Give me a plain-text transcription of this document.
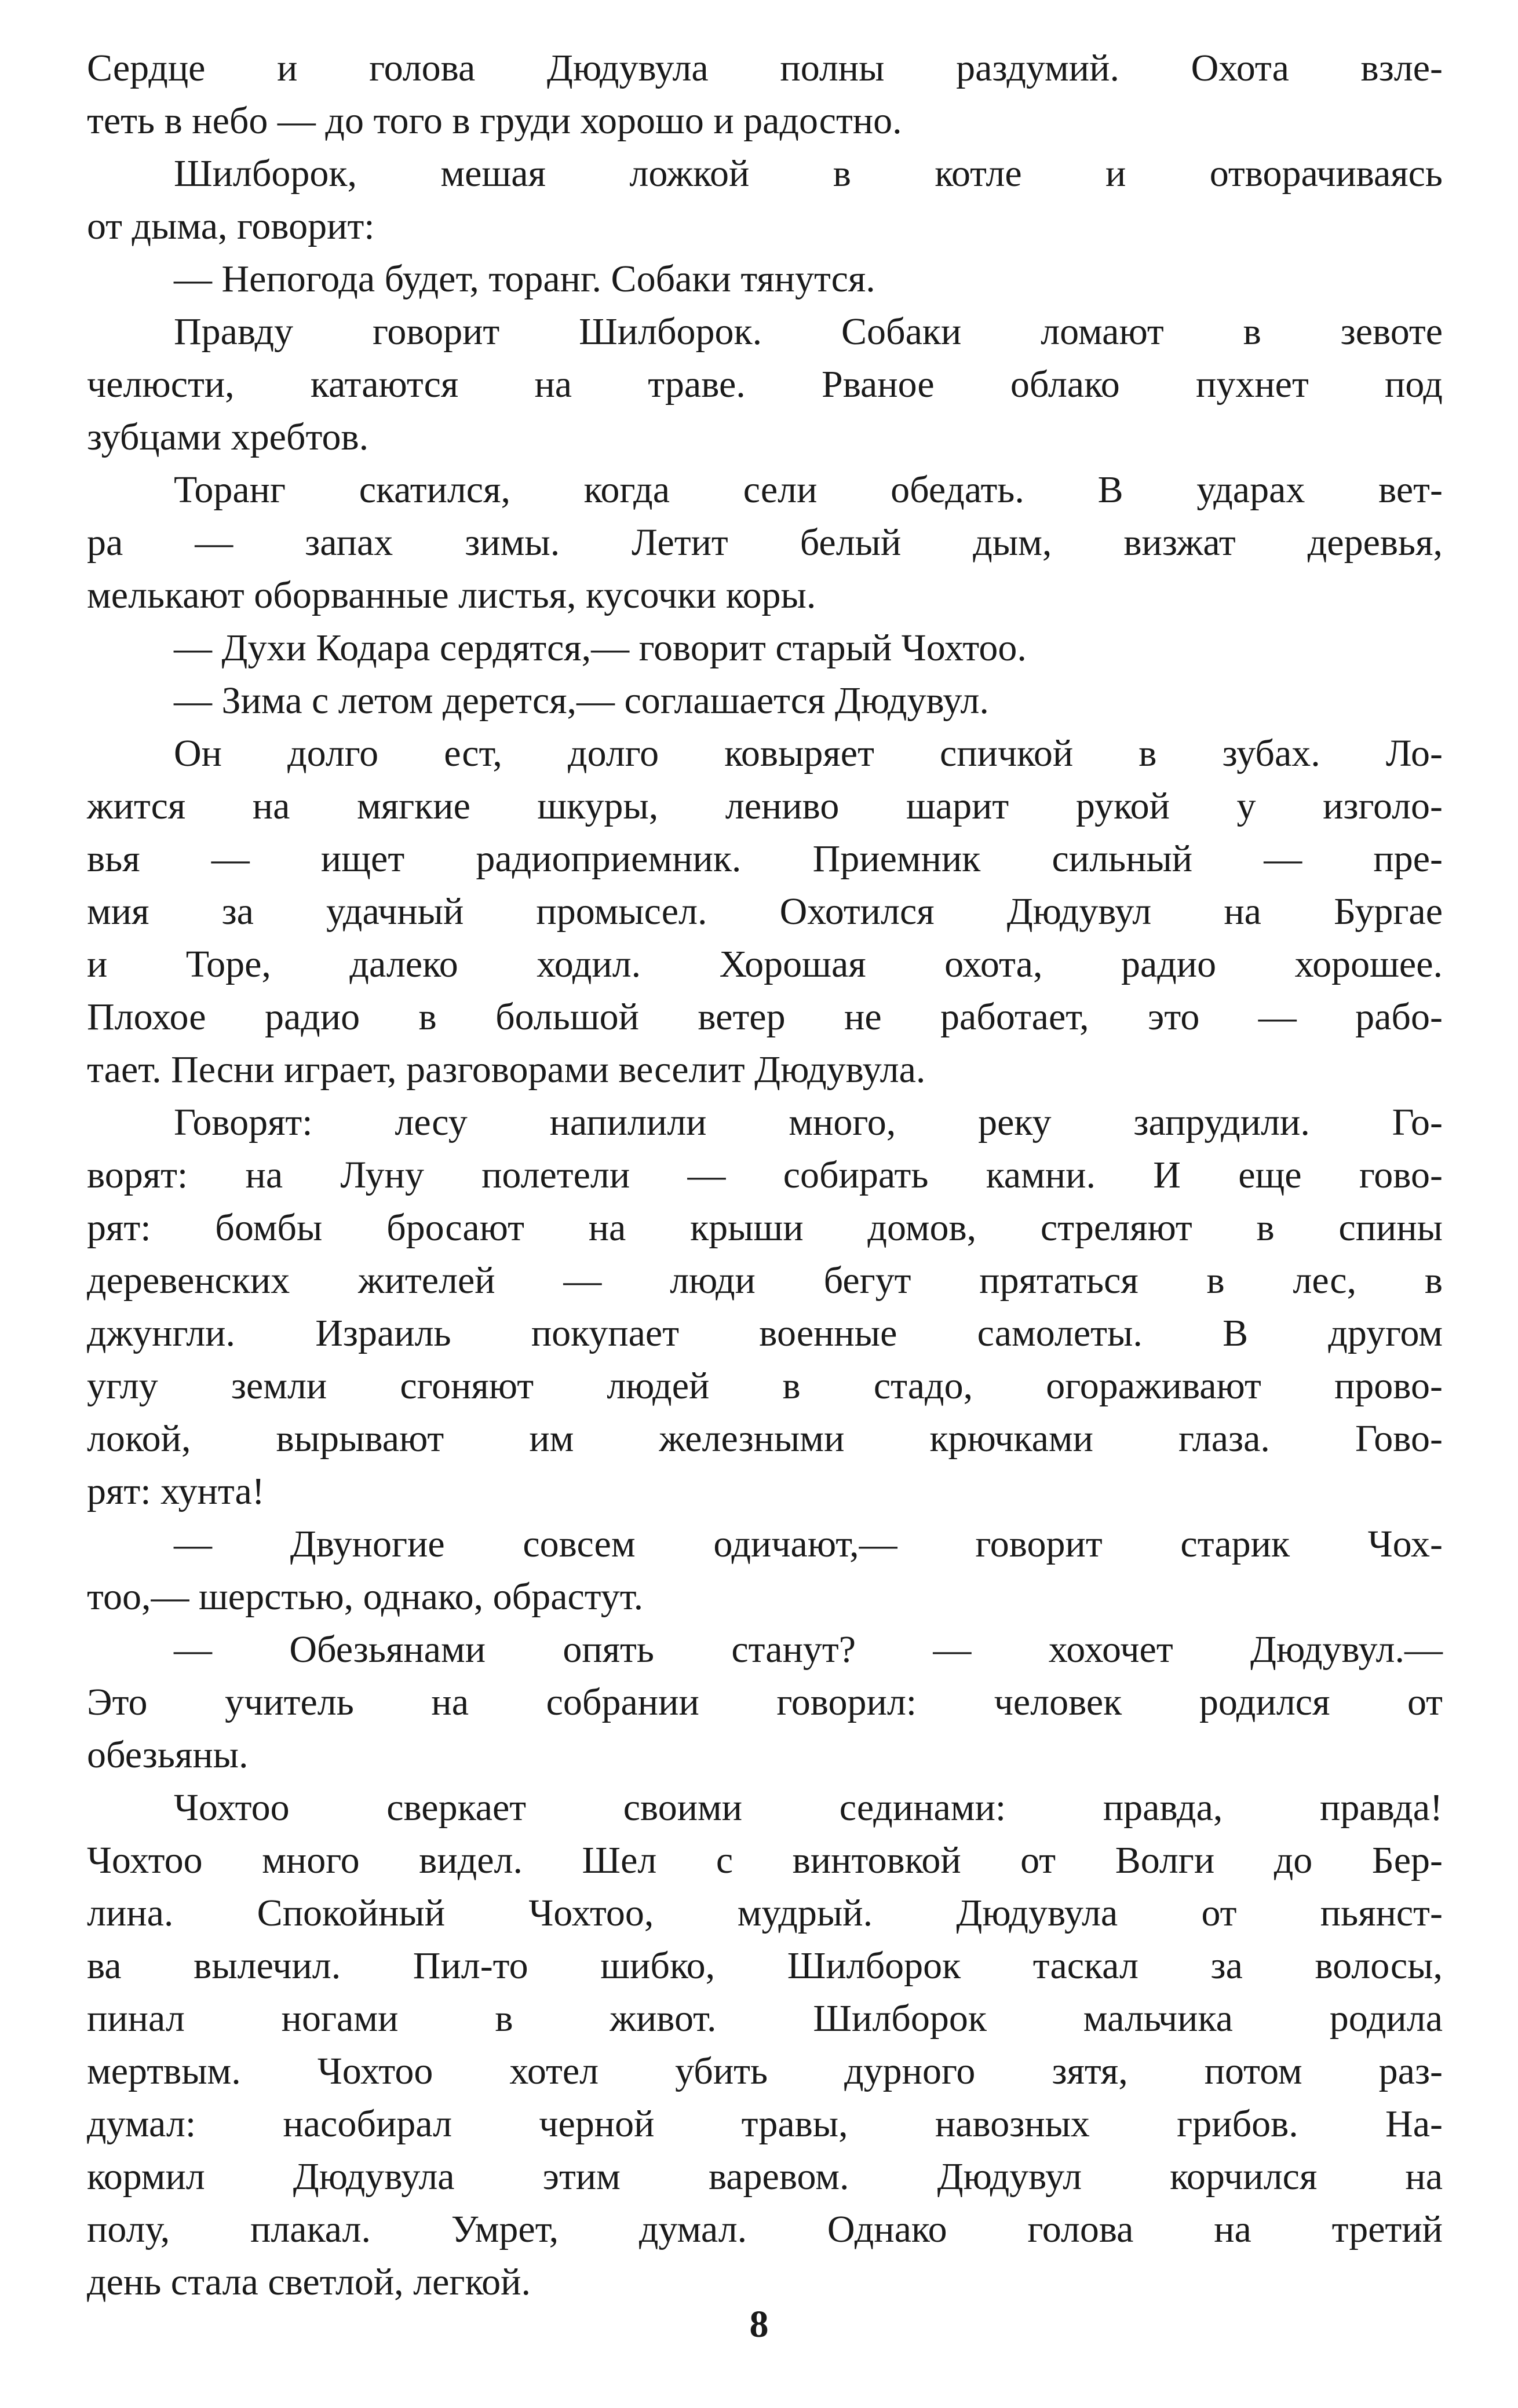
Сердце и голова Дюдувула полны раздумий. Охота взле-
теть в небо — до того в груди хорошо и радостно.
Шилборок, мешая ложкой в котле и отворачиваясь
от дыма, говорит:
— Непогода будет, торанг. Собаки тянутся.
Правду говорит Шилборок. Собаки ломают в зевоте
челюсти, катаются на траве. Рваное облако пухнет под
зубцами хребтов.
Торанг скатился, когда сели обедать. В ударах вет-
ра — запах зимы. Летит белый дым, визжат деревья,
мелькают оборванные листья, кусочки коры.
— Духи Кодара сердятся,— говорит старый Чохтоо.
— Зима с летом дерется,— соглашается Дюдувул.
Он долго ест, долго ковыряет спичкой в зубах. Ло-
жится на мягкие шкуры, лениво шарит рукой у изголо-
вья — ищет радиоприемник. Приемник сильный — пре-
мия за удачный промысел. Охотился Дюдувул на Бургае
и Торе, далеко ходил. Хорошая охота, радио хорошее.
Плохое радио в большой ветер не работает, это — рабо-
тает. Песни играет, разговорами веселит Дюдувула.
Говорят: лесу напилили много, реку запрудили. Го-
ворят: на Луну полетели — собирать камни. И еще гово-
рят: бомбы бросают на крыши домов, стреляют в спины
деревенских жителей — люди бегут прятаться в лес, в
джунгли. Израиль покупает военные самолеты. В другом
углу земли сгоняют людей в стадо, огораживают прово-
локой, вырывают им железными крючками глаза. Гово-
рят: хунта!
— Двуногие совсем одичают,— говорит старик Чох-
тоо,— шерстью, однако, обрастут.
— Обезьянами опять станут? — хохочет Дюдувул.—
Это учитель на собрании говорил: человек родился от
обезьяны.
Чохтоо сверкает своими сединами: правда, правда!
Чохтоо много видел. Шел с винтовкой от Волги до Бер-
лина. Спокойный Чохтоо, мудрый. Дюдувула от пьянст-
ва вылечил. Пил-то шибко, Шилборок таскал за волосы,
пинал ногами в живот. Шилборок мальчика родила
мертвым. Чохтоо хотел убить дурного зятя, потом раз-
думал: насобирал черной травы, навозных грибов. На-
кормил Дюдувула этим варевом. Дюдувул корчился на
полу, плакал. Умрет, думал. Однако голова на третий
день стала светлой, легкой.
8
